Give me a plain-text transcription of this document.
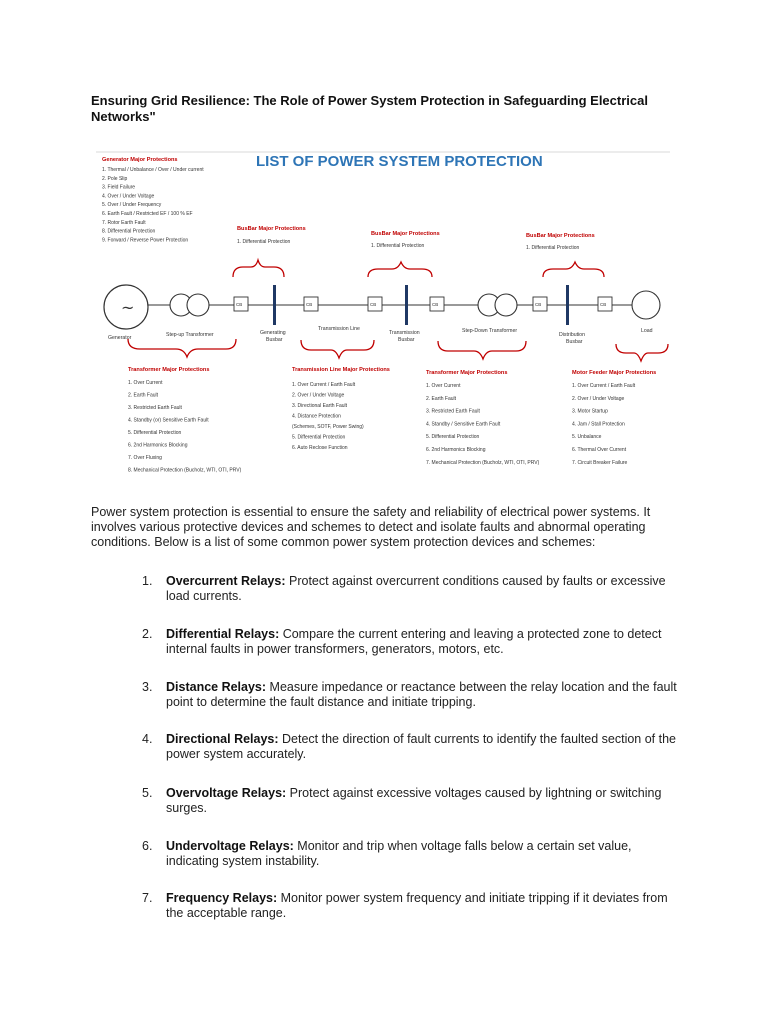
Ensuring Grid Resilience: The Role of Power System Protection in Safeguarding Electrical Networks"
LIST OF POWER SYSTEM PROTECTION
Generator Major Protections
1. Thermal / Unbalance / Over / Under current
2. Pole Slip
3. Field Failure
4. Over / Under Voltage
5. Over / Under Frequency
6. Earth Fault / Restricted EF / 100 % EF
7. Rotor Earth Fault
8. Differential Protection
9. Forward / Reverse Power Protection
BusBar Major Protections
1. Differential Protection
BusBar Major Protections
1. Differential Protection
BusBar Major Protections
1. Differential Protection
~	CB	CB	CB	CB	CB	CB
Generator	Step-up Transformer	Generating
Busbar
Transmission Line
Transmission
Busbar
Step-Down Transformer
Distribution
Busbar
Load
Transformer Major Protections
1. Over Current
2. Earth Fault
3. Restricted Earth Fault
4. Standby (or) Sensitive Earth Fault
5. Differential Protection
6. 2nd Harmonics Blocking
7. Over Fluxing
8. Mechanical Protection (Bucholz, WTI, OTI, PRV)
Transmission Line Major Protections
1. Over Current / Earth Fault
2. Over / Under Voltage
3. Directional Earth Fault
4. Distance Protection
(Schemes, SOTF, Power Swing)
5. Differential Protection
6. Auto Reclose Function
Transformer Major Protections
1. Over Current
2. Earth Fault
3. Restricted Earth Fault
4. Standby / Sensitive Earth Fault
5. Differential Protection
6. 2nd Harmonics Blocking
7. Mechanical Protection (Bucholz, WTI, OTI, PRV)
Motor Feeder Major Protections
1. Over Current / Earth Fault
2. Over / Under Voltage
3. Motor Startup
4. Jam / Stall Protection
5. Unbalance
6. Thermal Over Current
7. Circuit Breaker Failure
Power system protection is essential to ensure the safety and reliability of electrical power systems. It involves various protective devices and schemes to detect and isolate faults and abnormal operating conditions. Below is a list of some common power system protection devices and schemes:
1.	Overcurrent Relays: Protect against overcurrent conditions caused by faults or excessive load currents.
2.	Differential Relays: Compare the current entering and leaving a protected zone to detect internal faults in power transformers, generators, motors, etc.
3.	Distance Relays: Measure impedance or reactance between the relay location and the fault point to determine the fault distance and initiate tripping.
4.	Directional Relays: Detect the direction of fault currents to identify the faulted section of the power system accurately.
5.	Overvoltage Relays: Protect against excessive voltages caused by lightning or switching surges.
6.	Undervoltage Relays: Monitor and trip when voltage falls below a certain set value, indicating system instability.
7.	Frequency Relays: Monitor power system frequency and initiate tripping if it deviates from the acceptable range.
